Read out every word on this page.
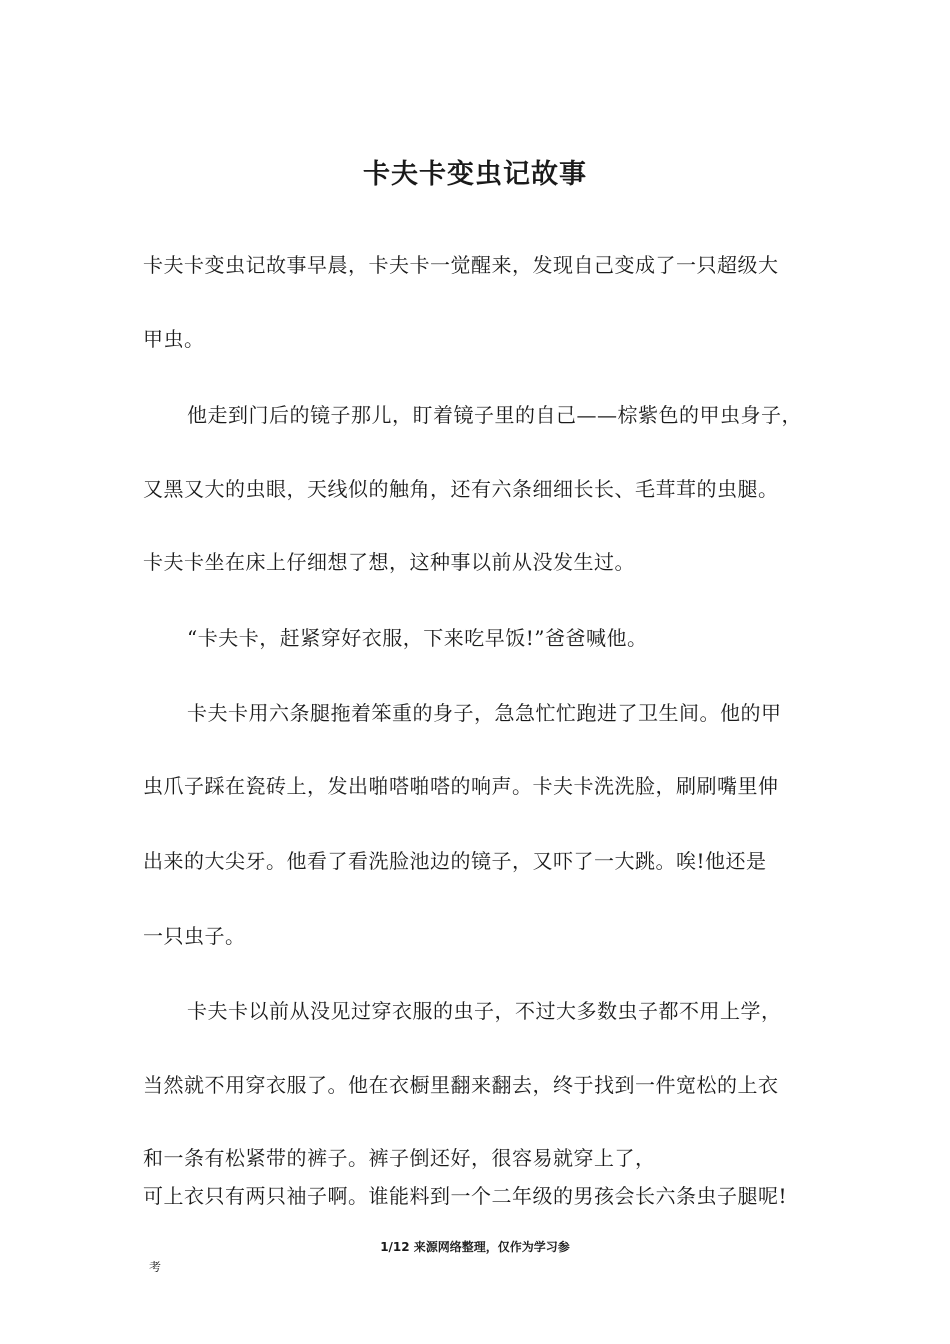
卡夫卡变虫记故事
卡夫卡变虫记故事早晨，卡夫卡一觉醒来，发现自己变成了一只超级大
甲虫。
他走到门后的镜子那儿，盯着镜子里的自己——棕紫色的甲虫身子，
又黑又大的虫眼，天线似的触角，还有六条细细长长、毛茸茸的虫腿。
卡夫卡坐在床上仔细想了想，这种事以前从没发生过。
“卡夫卡，赶紧穿好衣服，下来吃早饭!”爸爸喊他。
卡夫卡用六条腿拖着笨重的身子，急急忙忙跑进了卫生间。他的甲
虫爪子踩在瓷砖上，发出啪嗒啪嗒的响声。卡夫卡洗洗脸，刷刷嘴里伸
出来的大尖牙。他看了看洗脸池边的镜子，又吓了一大跳。唉!他还是
一只虫子。
卡夫卡以前从没见过穿衣服的虫子，不过大多数虫子都不用上学，
当然就不用穿衣服了。他在衣橱里翻来翻去，终于找到一件宽松的上衣
和一条有松紧带的裤子。裤子倒还好，很容易就穿上了，
可上衣只有两只袖子啊。谁能料到一个二年级的男孩会长六条虫子腿呢!
1/12 来源网络整理，仅作为学习参
考
